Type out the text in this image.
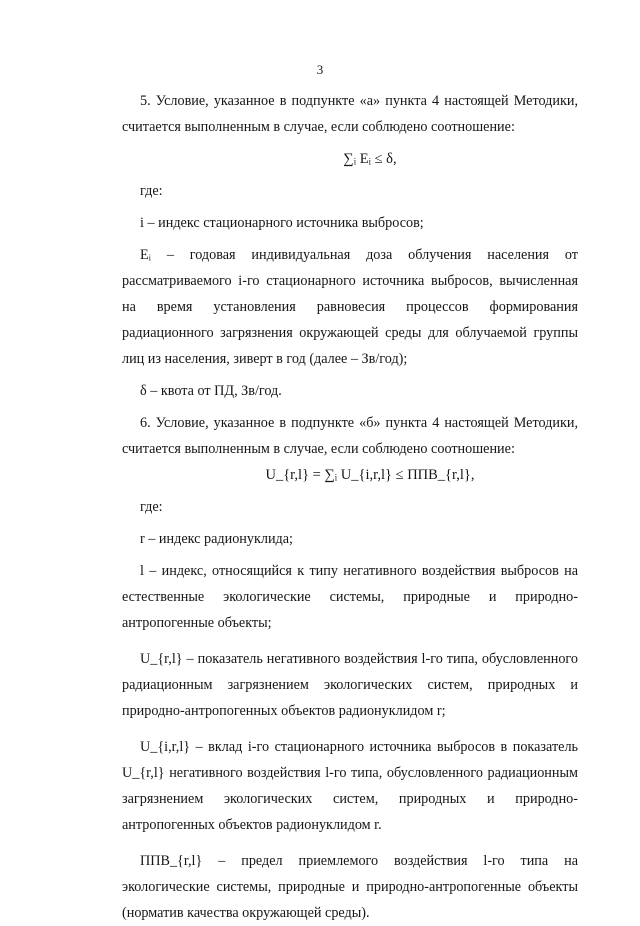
3

5. Условие, указанное в подпункте «а» пункта 4 настоящей Методики, считается выполненным в случае, если соблюдено соотношение:

∑ᵢ Eᵢ ≤ δ,

где:

i – индекс стационарного источника выбросов;

Eᵢ – годовая индивидуальная доза облучения населения от

рассматриваемого i-го стационарного источника выбросов, вычисленная на время установления равновесия процессов формирования радиационного загрязнения окружающей среды для облучаемой группы лиц из населения, зиверт в год (далее – Зв/год);

δ – квота от ПД, Зв/год.

6. Условие, указанное в подпункте «б» пункта 4 настоящей Методики, считается выполненным в случае, если соблюдено соотношение:

U_{r,l} = ∑ᵢ U_{i,r,l} ≤ ППВ_{r,l},

где:

r – индекс радионуклида;

l – индекс, относящийся к типу негативного воздействия выбросов на естественные экологические системы, природные и природно-антропогенные объекты;

U_{r,l} – показатель негативного воздействия l-го типа, обусловленного радиационным загрязнением экологических систем, природных и природно-антропогенных объектов радионуклидом r;

U_{i,r,l} – вклад i-го стационарного источника выбросов в показатель U_{r,l} негативного воздействия l-го типа, обусловленного радиационным загрязнением экологических систем, природных и природно-антропогенных объектов радионуклидом r.

ППВ_{r,l} – предел приемлемого воздействия l-го типа на экологические системы, природные и природно-антропогенные объекты (норматив качества окружающей среды).
